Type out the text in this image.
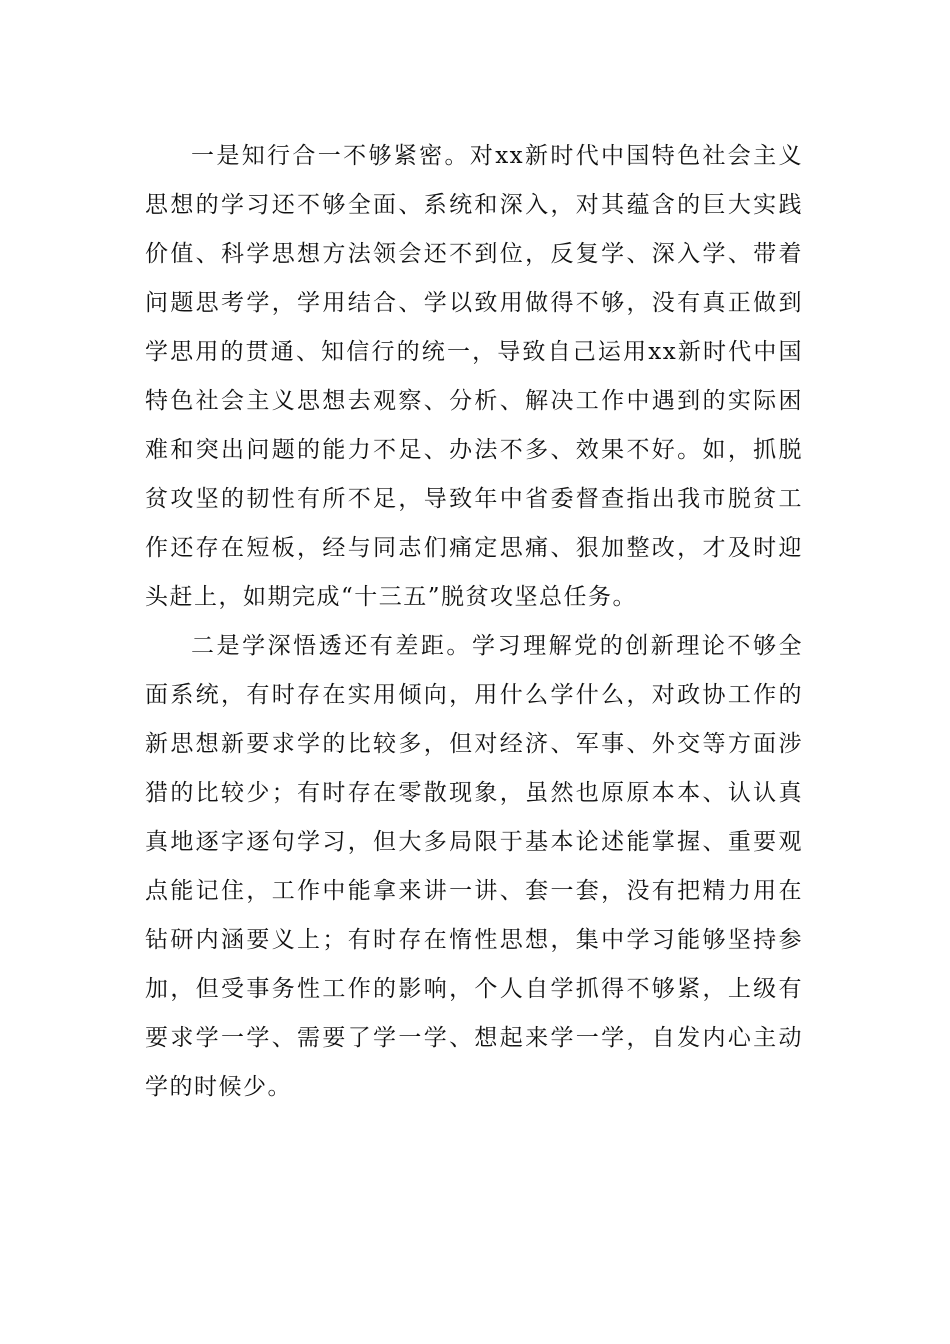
一是知行合一不够紧密。对xx新时代中国特色社会主义思想的学习还不够全面、系统和深入，对其蕴含的巨大实践价值、科学思想方法领会还不到位，反复学、深入学、带着问题思考学，学用结合、学以致用做得不够，没有真正做到学思用的贯通、知信行的统一，导致自己运用xx新时代中国特色社会主义思想去观察、分析、解决工作中遇到的实际困难和突出问题的能力不足、办法不多、效果不好。如，抓脱贫攻坚的韧性有所不足，导致年中省委督查指出我市脱贫工作还存在短板，经与同志们痛定思痛、狠加整改，才及时迎头赶上，如期完成“十三五”脱贫攻坚总任务。

二是学深悟透还有差距。学习理解党的创新理论不够全面系统，有时存在实用倾向，用什么学什么，对政协工作的新思想新要求学的比较多，但对经济、军事、外交等方面涉猎的比较少；有时存在零散现象，虽然也原原本本、认认真真地逐字逐句学习，但大多局限于基本论述能掌握、重要观点能记住，工作中能拿来讲一讲、套一套，没有把精力用在钻研内涵要义上；有时存在惰性思想，集中学习能够坚持参加，但受事务性工作的影响，个人自学抓得不够紧，上级有要求学一学、需要了学一学、想起来学一学，自发内心主动学的时候少。
